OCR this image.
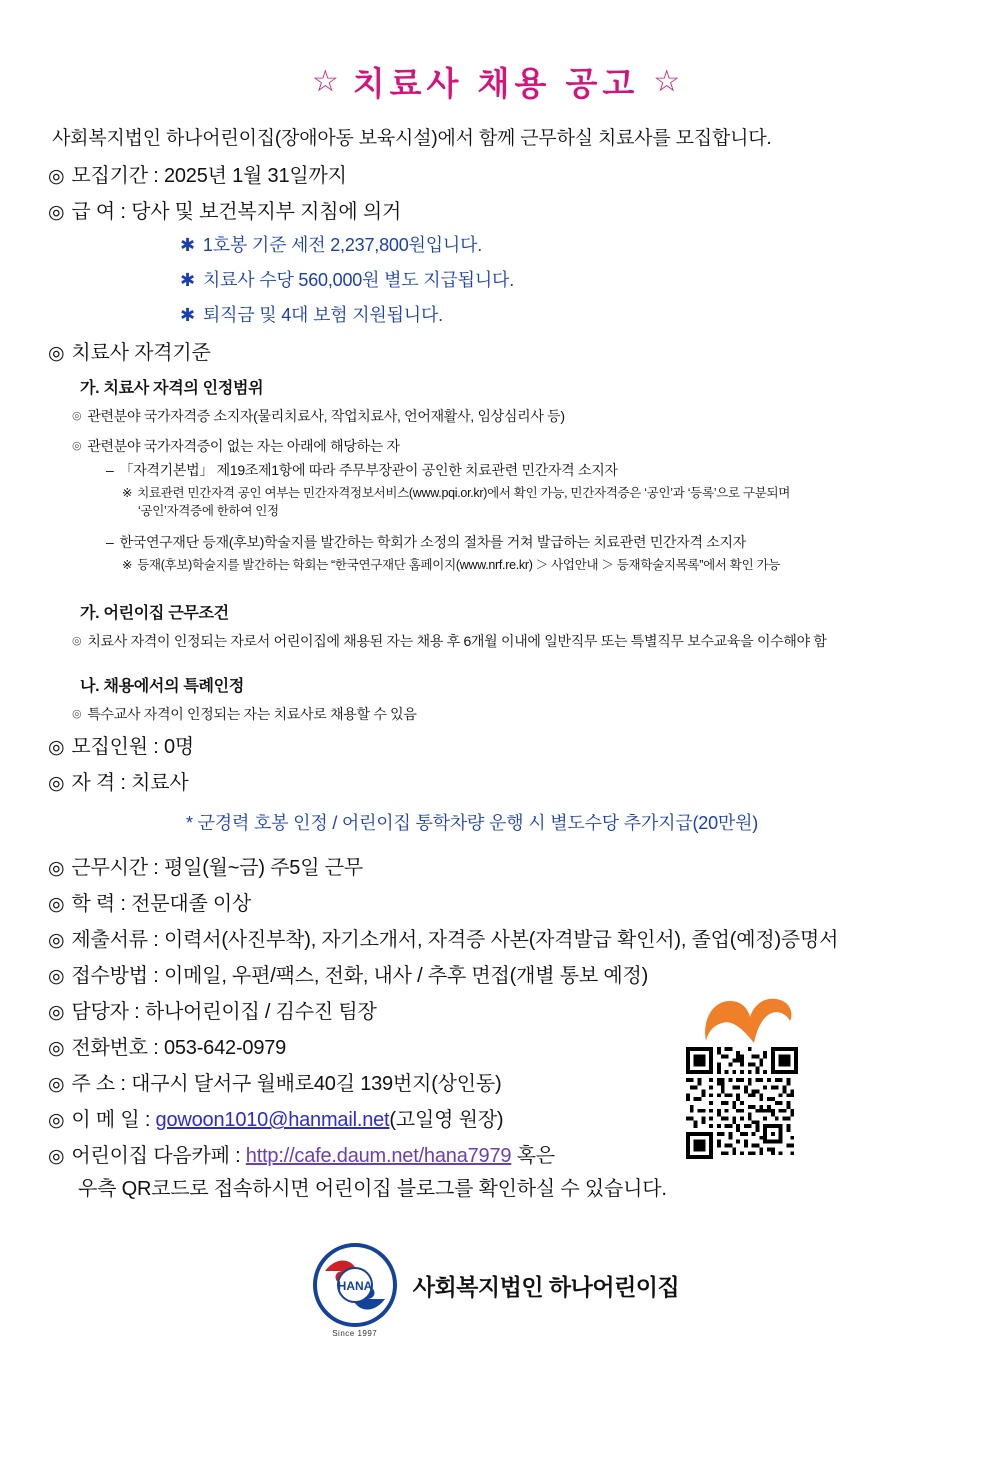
☆ 치료사 채용 공고 ☆
사회복지법인 하나어린이집(장애아동 보육시설)에서 함께 근무하실 치료사를 모집합니다.
◎ 모집기간 : 2025년 1월 31일까지
◎ 급 여 : 당사 및 보건복지부 지침에 의거
✱ 1호봉 기준 세전 2,237,800원입니다.
✱ 치료사 수당 560,000원 별도 지급됩니다.
✱ 퇴직금 및 4대 보험 지원됩니다.
◎ 치료사 자격기준
가. 치료사 자격의 인정범위
◎ 관련분야 국가자격증 소지자(물리치료사, 작업치료사, 언어재활사, 임상심리사 등)
◎ 관련분야 국가자격증이 없는 자는 아래에 해당하는 자
– 「자격기본법」 제19조제1항에 따라 주무부장관이 공인한 치료관련 민간자격 소지자
※ 치료관련 민간자격 공인 여부는 민간자격정보서비스(www.pqi.or.kr)에서 확인 가능, 민간자격증은 ‘공인’과 ‘등록’으로 구분되며
‘공인’자격증에 한하여 인정
– 한국연구재단 등재(후보)학술지를 발간하는 학회가 소정의 절차를 거쳐 발급하는 치료관련 민간자격 소지자
※ 등재(후보)학술지를 발간하는 학회는 “한국연구재단 홈페이지(www.nrf.re.kr) ＞ 사업안내 ＞ 등재학술지목록”에서 확인 가능
가. 어린이집 근무조건
◎ 치료사 자격이 인정되는 자로서 어린이집에 채용된 자는 채용 후 6개월 이내에 일반직무 또는 특별직무 보수교육을 이수해야 함
나. 채용에서의 특례인정
◎ 특수교사 자격이 인정되는 자는 치료사로 채용할 수 있음
◎ 모집인원 : 0명
◎ 자 격 : 치료사
* 군경력 호봉 인정 / 어린이집 통학차량 운행 시 별도수당 추가지급(20만원)
◎ 근무시간 : 평일(월~금) 주5일 근무
◎ 학 력 : 전문대졸 이상
◎ 제출서류 : 이력서(사진부착), 자기소개서, 자격증 사본(자격발급 확인서), 졸업(예정)증명서
◎ 접수방법 : 이메일, 우편/팩스, 전화, 내사 / 추후 면접(개별 통보 예정)
◎ 담당자 : 하나어린이집 / 김수진 팀장
◎ 전화번호 : 053-642-0979
◎ 주 소 : 대구시 달서구 월배로40길 139번지(상인동)
◎ 이 메 일 : gowoon1010@hanmail.net(고일영 원장)
◎ 어린이집 다음카페 : http://cafe.daum.net/hana7979 혹은
우측 QR코드로 접속하시면 어린이집 블로그를 확인하실 수 있습니다.
HANA
Since 1997
사회복지법인 하나어린이집
